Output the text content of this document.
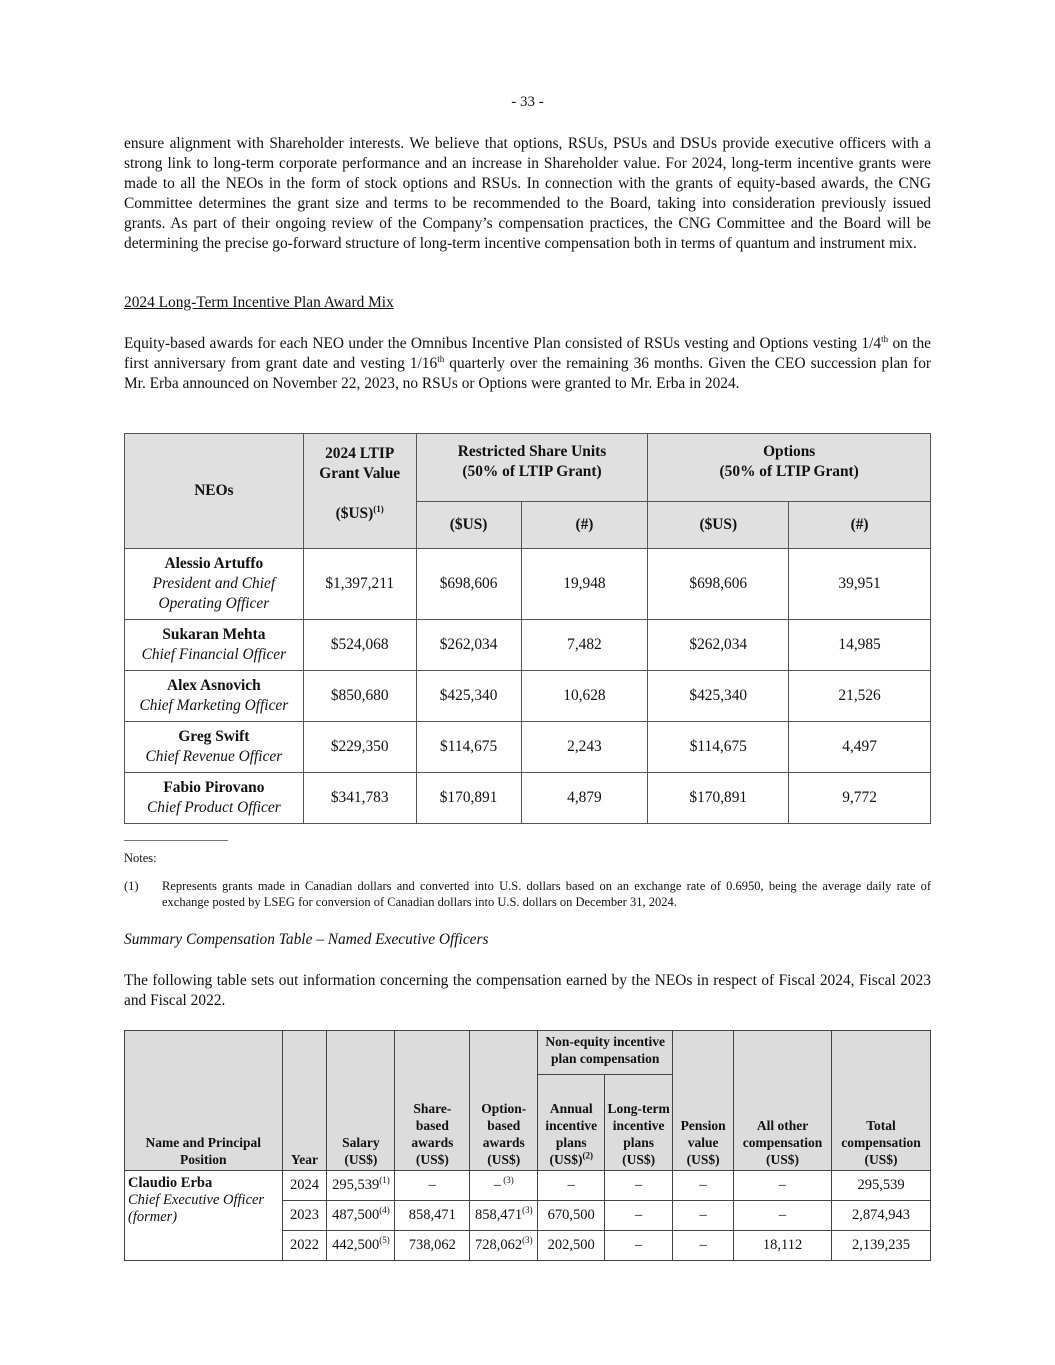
- 33 -

ensure alignment with Shareholder interests. We believe that options, RSUs, PSUs and DSUs provide executive officers with a strong link to long-term corporate performance and an increase in Shareholder value. For 2024, long-term incentive grants were made to all the NEOs in the form of stock options and RSUs. In connection with the grants of equity-based awards, the CNG Committee determines the grant size and terms to be recommended to the Board, taking into consideration previously issued grants. As part of their ongoing review of the Company’s compensation practices, the CNG Committee and the Board will be determining the precise go-forward structure of long-term incentive compensation both in terms of quantum and instrument mix.

2024 Long-Term Incentive Plan Award Mix

Equity-based awards for each NEO under the Omnibus Incentive Plan consisted of RSUs vesting and Options vesting 1/4th on the first anniversary from grant date and vesting 1/16th quarterly over the remaining 36 months. Given the CEO succession plan for Mr. Erba announced on November 22, 2023, no RSUs or Options were granted to Mr. Erba in 2024.

NEOs	2024 LTIP
Grant Value

($US)$^{(1)}$	Restricted Share Units
(50% of LTIP Grant)		Options
(50% of LTIP Grant)	
		($US)	(#)	($US)	(#)

Alessio Artuffo
President and Chief Operating Officer	$1,397,211	$698,606	19,948	$698,606	39,951

Sukaran Mehta
Chief Financial Officer	$524,068	$262,034	7,482	$262,034	14,985

Alex Asnovich
Chief Marketing Officer	$850,680	$425,340	10,628	$425,340	21,526

Greg Swift
Chief Revenue Officer	$229,350	$114,675	2,243	$114,675	4,497

Fabio Pirovano
Chief Product Officer	$341,783	$170,891	4,879	$170,891	9,772
Notes:
(1) Represents grants made in Canadian dollars and converted into U.S. dollars based on an exchange rate of 0.6950, being the average daily rate of exchange posted by LSEG for conversion of Canadian dollars into U.S. dollars on December 31, 2024.
Summary Compensation Table – Named Executive Officers

The following table sets out information concerning the compensation earned by the NEOs in respect of Fiscal 2024, Fiscal 2023 and Fiscal 2022.

Name and Principal Position	Year	Salary (US$)	Share-based awards (US$)	Option-based awards (US$)	Non-equity incentive plan compensation		Pension value (US$)	All other compensation (US$)	Total compensation (US$)
					Annual incentive plans (US$)$^{(2)}$	Long-term incentive plans (US$)			

Claudio Erba
Chief Executive Officer (former)	2024	295,539$^{(1)}$	–	– $^{(3)}$	–	–	–	–	295,539
	2023	487,500$^{(4)}$	858,471	858,471$^{(3)}$	670,500	–	–	–	2,874,943
	2022	442,500$^{(5)}$	738,062	728,062$^{(3)}$	202,500	–	–	18,112	2,139,235
